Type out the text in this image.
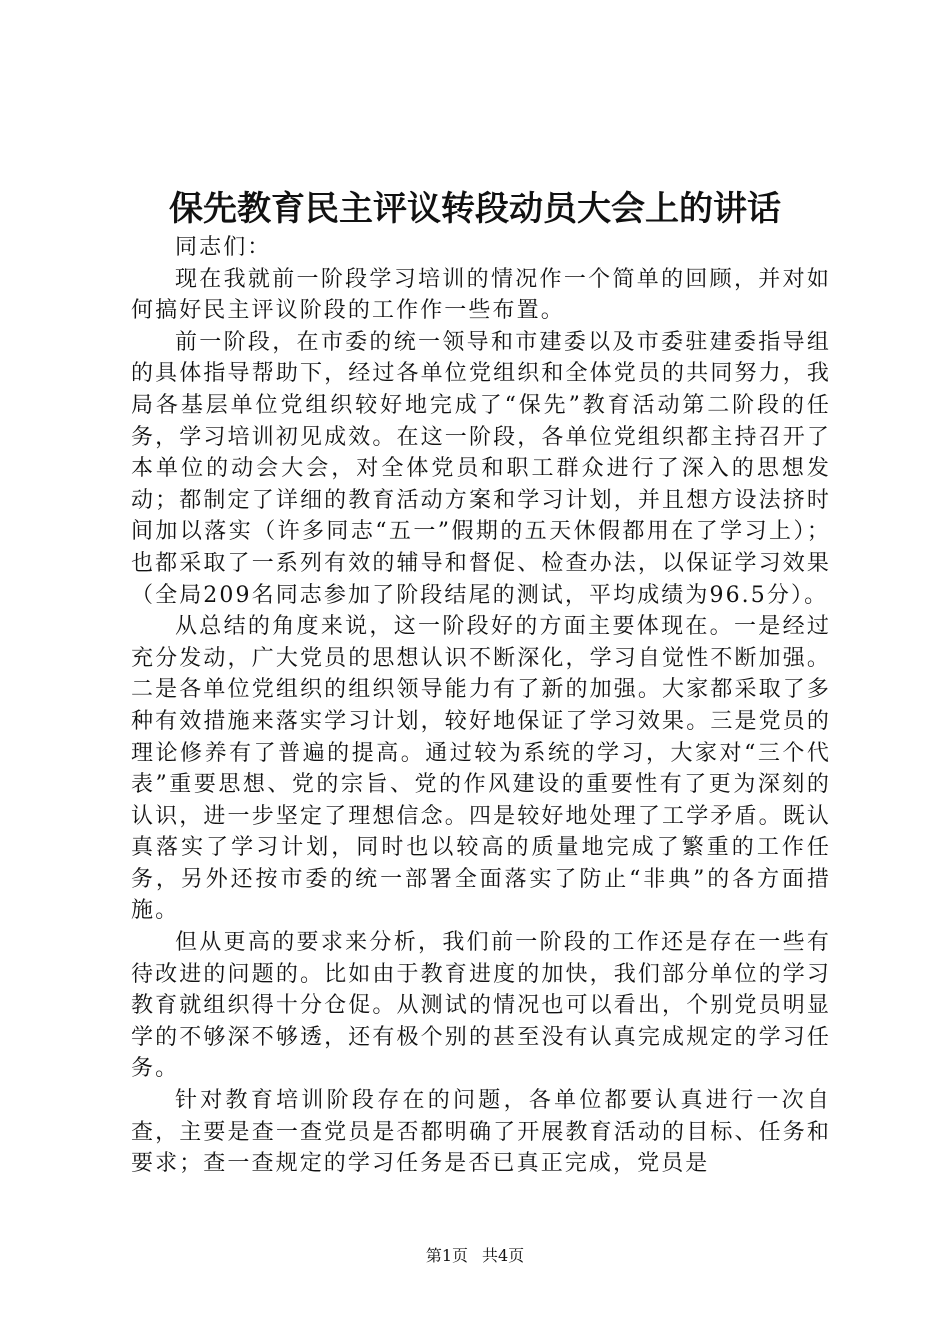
保先教育民主评议转段动员大会上的讲话

同志们：

现在我就前一阶段学习培训的情况作一个简单的回顾，并对如何搞好民主评议阶段的工作作一些布置。

前一阶段，在市委的统一领导和市建委以及市委驻建委指导组的具体指导帮助下，经过各单位党组织和全体党员的共同努力，我局各基层单位党组织较好地完成了“保先”教育活动第二阶段的任务，学习培训初见成效。在这一阶段，各单位党组织都主持召开了本单位的动会大会，对全体党员和职工群众进行了深入的思想发动；都制定了详细的教育活动方案和学习计划，并且想方设法挤时间加以落实（许多同志“五一”假期的五天休假都用在了学习上）；也都采取了一系列有效的辅导和督促、检查办法，以保证学习效果（全局209名同志参加了阶段结尾的测试，平均成绩为96.5分）。

从总结的角度来说，这一阶段好的方面主要体现在。一是经过充分发动，广大党员的思想认识不断深化，学习自觉性不断加强。二是各单位党组织的组织领导能力有了新的加强。大家都采取了多种有效措施来落实学习计划，较好地保证了学习效果。三是党员的理论修养有了普遍的提高。通过较为系统的学习，大家对“三个代表”重要思想、党的宗旨、党的作风建设的重要性有了更为深刻的认识，进一步坚定了理想信念。四是较好地处理了工学矛盾。既认真落实了学习计划，同时也以较高的质量地完成了繁重的工作任务，另外还按市委的统一部署全面落实了防止“非典”的各方面措施。

但从更高的要求来分析，我们前一阶段的工作还是存在一些有待改进的问题的。比如由于教育进度的加快，我们部分单位的学习教育就组织得十分仓促。从测试的情况也可以看出，个别党员明显学的不够深不够透，还有极个别的甚至没有认真完成规定的学习任务。

针对教育培训阶段存在的问题，各单位都要认真进行一次自查，主要是查一查党员是否都明确了开展教育活动的目标、任务和要求；查一查规定的学习任务是否已真正完成，党员是

第1页 共4页
